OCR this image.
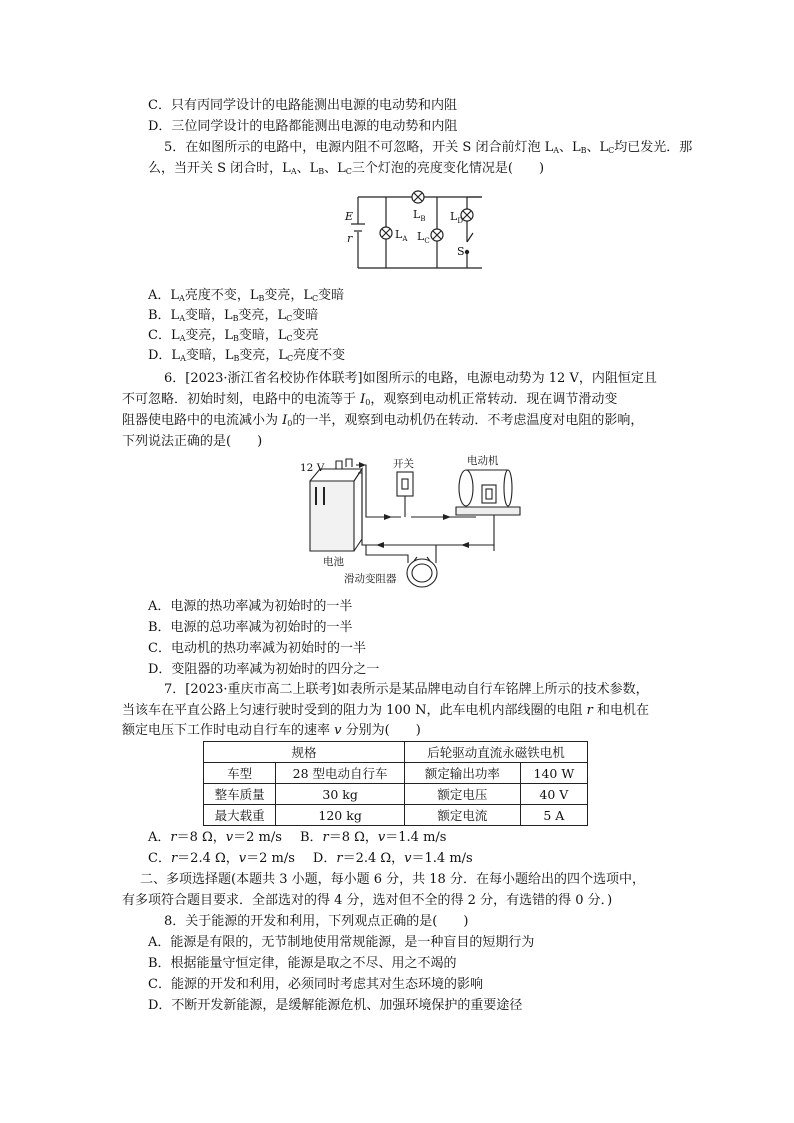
C．只有丙同学设计的电路能测出电源的电动势和内阻
D．三位同学设计的电路都能测出电源的电动势和内阻
5．在如图所示的电路中，电源内阻不可忽略，开关 S 闭合前灯泡 $L_A$、$L_B$、$L_C$均已发光．那
么，当开关 S 闭合时，$L_A$、$L_B$、$L_C$三个灯泡的亮度变化情况是(　　)
E
r	$L_A$
$L_B$
$L_C$
$L_D$
S
A．$L_A$亮度不变，$L_B$变亮，$L_C$变暗
B．$L_A$变暗，$L_B$变亮，$L_C$变暗
C．$L_A$变亮，$L_B$变暗，$L_C$变亮
D．$L_A$变暗，$L_B$变亮，$L_C$亮度不变
6．[2023·浙江省名校协作体联考]如图所示的电路，电源电动势为 12 V，内阻恒定且
不可忽略．初始时刻，电路中的电流等于 $I_0$，观察到电动机正常转动．现在调节滑动变
阻器使电路中的电流减小为 $I_0$的一半，观察到电动机仍在转动．不考虑温度对电阻的影响，
下列说法正确的是(　　)
12 V	开关	电动机
电池
滑动变阻器
A．电源的热功率减为初始时的一半
B．电源的总功率减为初始时的一半
C．电动机的热功率减为初始时的一半
D．变阻器的功率减为初始时的四分之一
7．[2023·重庆市高二上联考]如表所示是某品牌电动自行车铭牌上所示的技术参数，
当该车在平直公路上匀速行驶时受到的阻力为 100 N，此车电机内部线圈的电阻 r 和电机在
额定电压下工作时电动自行车的速率 v 分别为(　　)
规格		后轮驱动直流永磁铁电机	
车型	28 型电动自行车	额定输出功率	140 W
整车质量	30 kg	额定电压	40 V
最大载重	120 kg	额定电流	5 A
A．r＝8 Ω，v＝2 m/s B．r＝8 Ω，v＝1.4 m/s
C．r＝2.4 Ω，v＝2 m/s D．r＝2.4 Ω，v＝1.4 m/s
二、多项选择题(本题共 3 小题，每小题 6 分，共 18 分．在每小题给出的四个选项中，
有多项符合题目要求．全部选对的得 4 分，选对但不全的得 2 分，有选错的得 0 分．)
8．关于能源的开发和利用，下列观点正确的是(　　)
A．能源是有限的，无节制地使用常规能源，是一种盲目的短期行为
B．根据能量守恒定律，能源是取之不尽、用之不竭的
C．能源的开发和利用，必须同时考虑其对生态环境的影响
D．不断开发新能源，是缓解能源危机、加强环境保护的重要途径
